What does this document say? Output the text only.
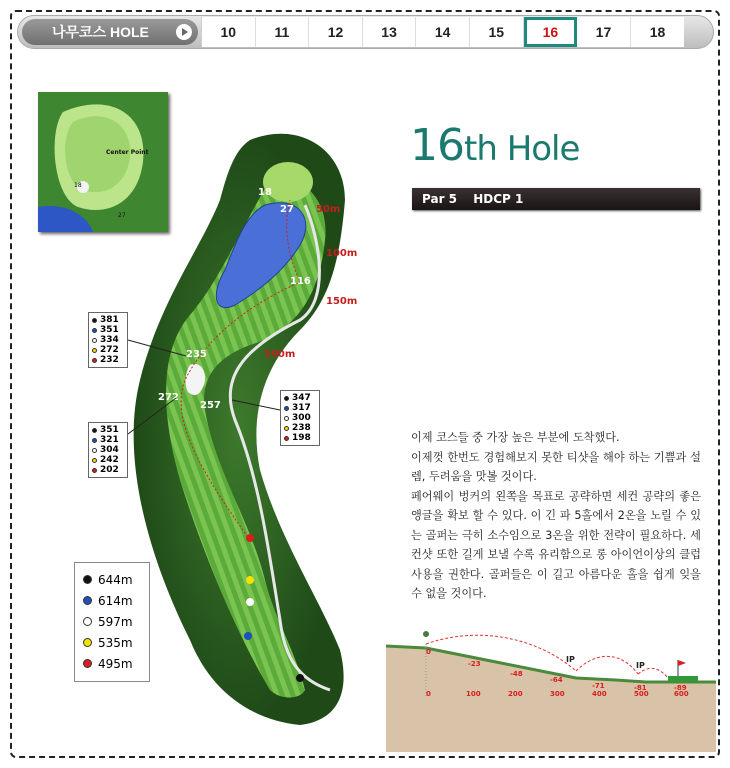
나무코스 HOLE	10	11	12	13	14	15	16	17	18
18
27
116
235
272
257
50m
100m
150m
200m
Center Point
18
27
381
351
334
272
232
347
317
300
238
198
351
321
304
242
202
644m
614m
597m
535m
495m
16th Hole
Par 5 HDCP 1

이제 코스들 중 가장 높은 부분에 도착했다.

이제껏 한번도 경험해보지 못한 티샷을 해야 하는 기쁨과 설렘, 두려움을 맛볼 것이다.

페어웨이 벙커의 왼쪽을 목표로 공략하면 세컨 공략의 좋은 앵글을 확보 할 수 있다. 이 긴 파 5홀에서 2온을 노릴 수 있는 골퍼는 극히 소수임으로 3온을 위한 전략이 필요하다. 세컨샷 또한 길게 보낼 수록 유리함으로 롱 아이언이상의 클럽 사용을 권한다. 골퍼들은 이 길고 아름다운 홀을 쉽게 잊을 수 없을 것이다.

IP
IP
0
-23
-48
-64
-71	-81	-89
0	100	200	300	400	500	600
